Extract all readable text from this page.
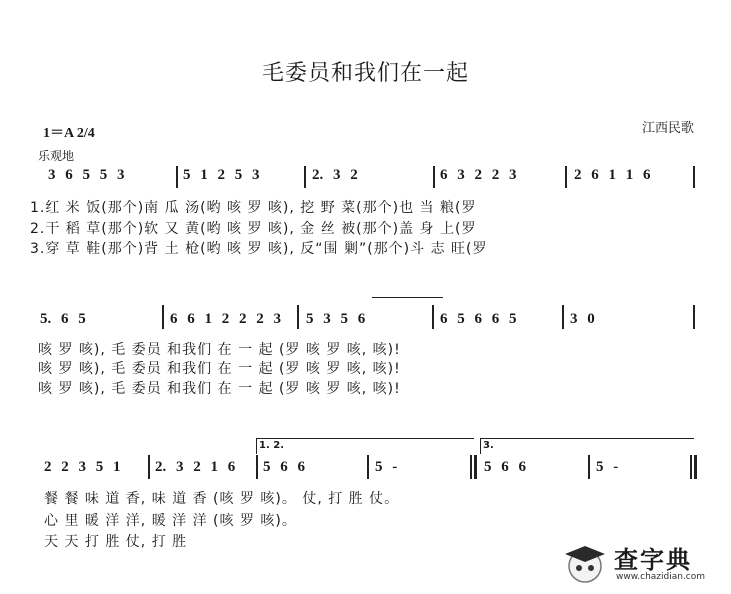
毛委员和我们在一起
江西民歌
1＝A 2/4
乐观地
3 6 5 5 3	5 1 2 5 3	2. 3 2	6 3 2 2 3	2 6 1 1 6
1.红 米 饭(那个)南 瓜 汤(哟 咳 罗 咳), 挖 野 菜(那个)也 当 粮(罗
2.干 稻 草(那个)软 又 黄(哟 咳 罗 咳), 金 丝 被(那个)盖 身 上(罗
3.穿 草 鞋(那个)背 土 枪(哟 咳 罗 咳), 反“围 剿”(那个)斗 志 旺(罗
5. 6 5	6 6 1 2 2 2 3 5 3 5 6	6 5 6 6 5	3 0
咳 罗 咳), 毛 委员 和我们 在 一 起 (罗 咳 罗 咳, 咳)!
咳 罗 咳), 毛 委员 和我们 在 一 起 (罗 咳 罗 咳, 咳)!
咳 罗 咳), 毛 委员 和我们 在 一 起 (罗 咳 罗 咳, 咳)!
1. 2.	3.
2 2 3 5 1 2. 3 2 1 6 5 6 6	5 -	5 6 6	5 -
餐 餐 味 道 香, 味 道 香 (咳 罗 咳)。 仗, 打 胜 仗。
心 里 暖 洋 洋, 暖 洋 洋 (咳 罗 咳)。
天 天 打 胜 仗, 打 胜
查字典
www.chazidian.com
